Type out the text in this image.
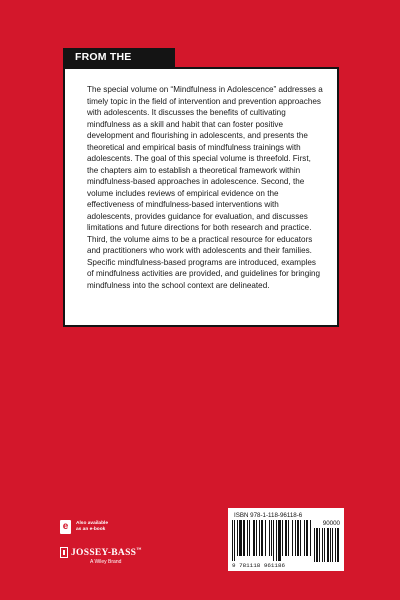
FROM THE

The special volume on “Mindfulness in Adolescence” addresses a timely topic in the field of intervention and prevention approaches with adolescents. It discusses the benefits of cultivating mindfulness as a skill and habit that can foster positive development and flourishing in adolescents, and presents the theoretical and empirical basis of mindfulness trainings with adolescents. The goal of this special volume is threefold. First, the chapters aim to establish a theoretical framework within mindfulness-based approaches in adolescence. Second, the volume includes reviews of empirical evidence on the effectiveness of mindfulness-based interventions with adolescents, provides guidance for evaluation, and discusses limitations and future directions for both research and practice. Third, the volume aims to be a practical resource for educators and practitioners who work with adolescents and their families. Specific mindfulness-based programs are introduced, examples of mindfulness activities are provided, and guidelines for bringing mindfulness into the school context are delineated.

e	Also available
as an e-book
JOSSEY-BASS™
A Wiley Brand
ISBN 978-1-118-96118-6
90000
9 781118 961186
